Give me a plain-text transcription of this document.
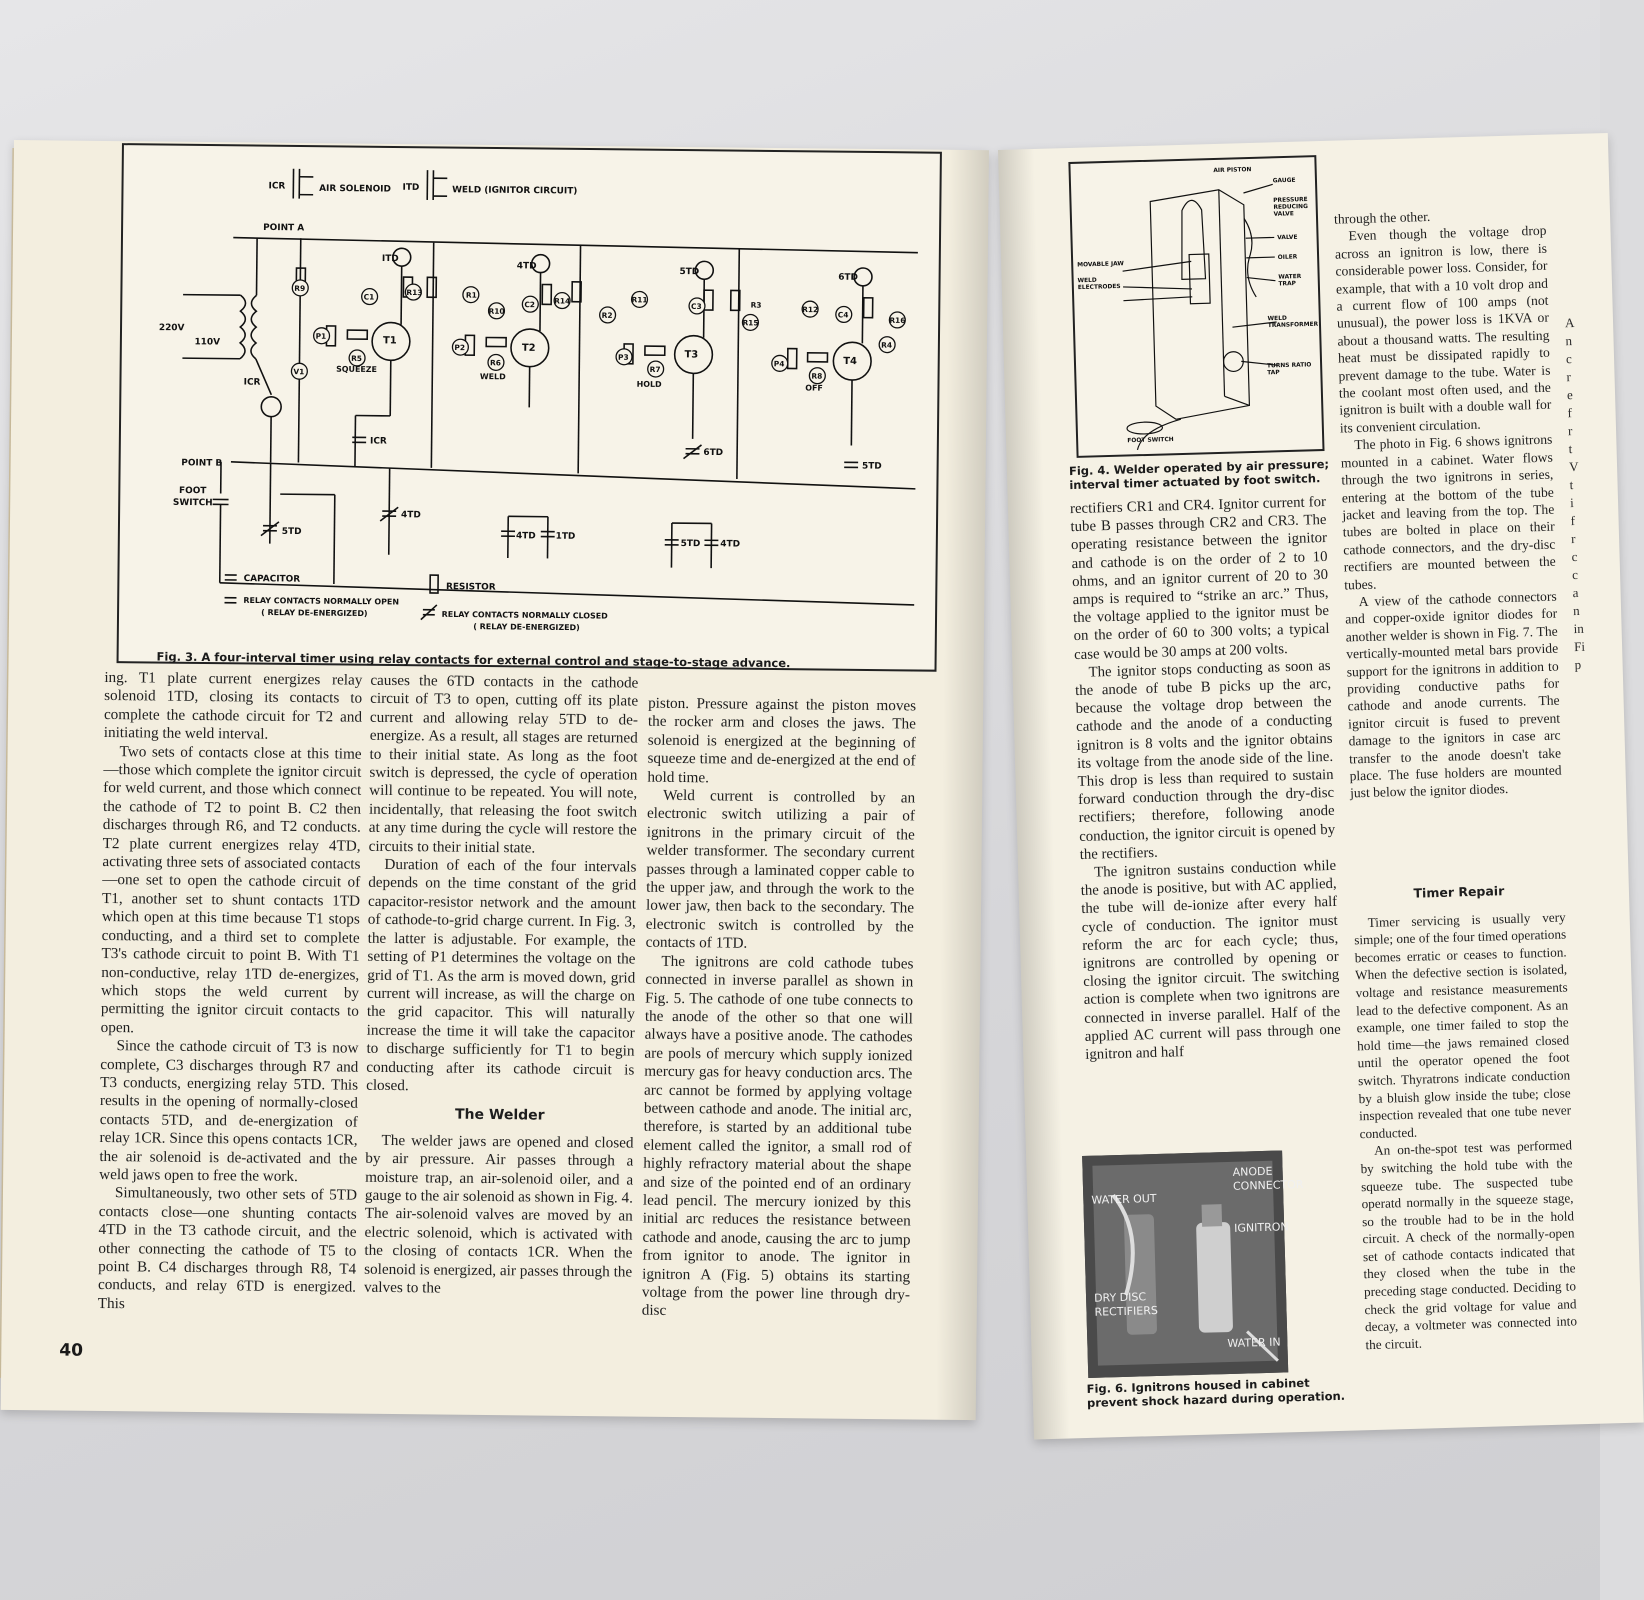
R9
P1
V1
C1
R5
R13	R1
P2
R10
C2
R6
R14
R2
R11
P3
C3
R7
R15
P4
R12
R8
C4
R16
R4
R3
ICR	AIR SOLENOID ITD	WELD (IGNITOR CIRCUIT)
POINT A
POINT B
FOOT
SWITCH
220V
110V
ICR
T1
T2
T3
T4
ITD
4TD
5TD
6TD
SQUEEZE
WELD
HOLD	OFF
ICR
6TD
5TD
5TD
4TD
4TD 1TD
5TD 4TD
CAPACITOR
RESISTOR
RELAY CONTACTS NORMALLY OPEN
( RELAY DE-ENERGIZED)	RELAY CONTACTS NORMALLY CLOSED
( RELAY DE-ENERGIZED)
Fig. 3. A four-interval timer using relay contacts for external control and stage-to-stage advance.

ing. T1 plate current energizes relay solenoid 1TD, closing its contacts to complete the cathode circuit for T2 and initiating the weld interval.

Two sets of contacts close at this time—those which complete the ignitor circuit for weld current, and those which connect the cathode of T2 to point B. C2 then discharges through R6, and T2 conducts. T2 plate current energizes relay 4TD, activating three sets of associated contacts—one set to open the cathode circuit of T1, another set to shunt contacts 1TD which open at this time because T1 stops conducting, and a third set to complete T3's cathode circuit to point B. With T1 non-conductive, relay 1TD de-energizes, which stops the weld current by permitting the ignitor circuit contacts to open.

Since the cathode circuit of T3 is now complete, C3 discharges through R7 and T3 conducts, energizing relay 5TD. This results in the opening of normally-closed contacts 5TD, and de-energization of relay 1CR. Since this opens contacts 1CR, the air solenoid is de-activated and the weld jaws open to free the work.

Simultaneously, two other sets of 5TD contacts close—one shunting contacts 4TD in the T3 cathode circuit, and the other connecting the cathode of T5 to point B. C4 discharges through R8, T4 conducts, and relay 6TD is energized. This

causes the 6TD contacts in the cathode circuit of T3 to open, cutting off its plate current and allowing relay 5TD to de-energize. As a result, all stages are returned to their initial state. As long as the foot switch is depressed, the cycle of operation will continue to be repeated. You will note, incidentally, that releasing the foot switch at any time during the cycle will restore the circuits to their initial state.

Duration of each of the four intervals depends on the time constant of the grid capacitor-resistor network and the amount of cathode-to-grid charge current. In Fig. 3, the latter is adjustable. For example, the setting of P1 determines the voltage on the grid of T1. As the arm is moved down, grid current will increase, as will the charge on the grid capacitor. This will naturally increase the time it will take the capacitor to discharge sufficiently for T1 to begin conducting after its cathode circuit is closed.

The Welder

The welder jaws are opened and closed by air pressure. Air passes through a moisture trap, an air-solenoid oiler, and a gauge to the air solenoid as shown in Fig. 4. The air-solenoid valves are moved by an electric solenoid, which is activated with the closing of contacts 1CR. When the solenoid is energized, air passes through the valves to the

piston. Pressure against the piston moves the rocker arm and closes the jaws. The solenoid is energized at the beginning of squeeze time and de-energized at the end of hold time.

Weld current is controlled by an electronic switch utilizing a pair of ignitrons in the primary circuit of the welder transformer. The secondary current passes through a laminated copper cable to the upper jaw, and through the work to the lower jaw, then back to the secondary. The electronic switch is controlled by the contacts of 1TD.

The ignitrons are cold cathode tubes connected in inverse parallel as shown in Fig. 5. The cathode of one tube connects to the anode of the other so that one will always have a positive anode. The cathodes are pools of mercury which supply ionized mercury gas for heavy conduction arcs. The arc cannot be formed by applying voltage between cathode and anode. The initial arc, therefore, is started by an additional tube element called the ignitor, a small rod of highly refractory material about the shape and size of the pointed end of an ordinary lead pencil. The mercury ionized by this initial arc reduces the resistance between cathode and anode, causing the arc to jump from ignitor to anode. The ignitor in ignitron A (Fig. 5) obtains its starting voltage from the power line through dry-disc

40
AIR PISTON
GAUGE
PRESSURE
REDUCING
VALVE
VALVE
OILER
WATER
TRAP
MOVABLE JAW
WELD
ELECTRODES
WELD
TRANSFORMER
TURNS RATIO
TAP
FOOT SWITCH
Fig. 4. Welder operated by air pressure; interval timer actuated by foot switch.

rectifiers CR1 and CR4. Ignitor current for tube B passes through CR2 and CR3. The operating resistance between the ignitor and cathode is on the order of 2 to 10 ohms, and an ignitor current of 20 to 30 amps is required to “strike an arc.” Thus, the voltage applied to the ignitor must be on the order of 60 to 300 volts; a typical case would be 30 amps at 200 volts.

The ignitor stops conducting as soon as the anode of tube B picks up the arc, because the voltage drop between the cathode and the anode of a conducting ignitron is 8 volts and the ignitor obtains its voltage from the anode side of the line. This drop is less than required to sustain forward conduction through the dry-disc rectifiers; therefore, following anode conduction, the ignitor circuit is opened by the rectifiers.

The ignitron sustains conduction while the anode is positive, but with AC applied, the tube will de-ionize after every half cycle of conduction. The ignitor must reform the arc for each cycle; thus, ignitrons are controlled by opening or closing the ignitor circuit. The switching action is complete when two ignitrons are connected in inverse parallel. Half of the applied AC current will pass through one ignitron and half

ANODE
CONNECTOR
WATER OUT
IGNITRON
DRY DISC
RECTIFIERS
WATER IN
Fig. 6. Ignitrons housed in cabinet prevent shock hazard during operation.

through the other.

Even though the voltage drop across an ignitron is low, there is considerable power loss. Consider, for example, that with a 10 volt drop and a current flow of 100 amps (not unusual), the power loss is 1KVA or about a thousand watts. The resulting heat must be dissipated rapidly to prevent damage to the tube. Water is the coolant most often used, and the ignitron is built with a double wall for its convenient circulation.

The photo in Fig. 6 shows ignitrons mounted in a cabinet. Water flows through the two ignitrons in series, entering at the bottom of the tube jacket and leaving from the top. The tubes are bolted in place on their cathode connectors, and the dry-disc rectifiers are mounted between the tubes.

A view of the cathode connectors and copper-oxide ignitor diodes for another welder is shown in Fig. 7. The vertically-mounted metal bars provide support for the ignitrons in addition to providing conductive paths for cathode and anode currents. The ignitor circuit is fused to prevent damage to the ignitors in case arc transfer to the anode doesn't take place. The fuse holders are mounted just below the ignitor diodes.

Timer Repair

Timer servicing is usually very simple; one of the four timed operations becomes erratic or ceases to function. When the defective section is isolated, voltage and resistance measurements lead to the defective component. As an example, one timer failed to stop the hold time—the jaws remained closed until the operator opened the foot switch. Thyratrons indicate conduction by a bluish glow inside the tube; close inspection revealed that one tube never conducted.

An on-the-spot test was performed by switching the hold tube with the squeeze tube. The suspected tube operatd normally in the squeeze stage, so the trouble had to be in the hold circuit. A check of the normally-open set of cathode contacts indicated that they closed when the tube in the preceding stage conducted. Deciding to check the grid voltage for value and decay, a voltmeter was connected into the circuit.

A
n
c
r
e
f
r
t
V
t
i
f
r
c
c
a
n
in
Fi
p
